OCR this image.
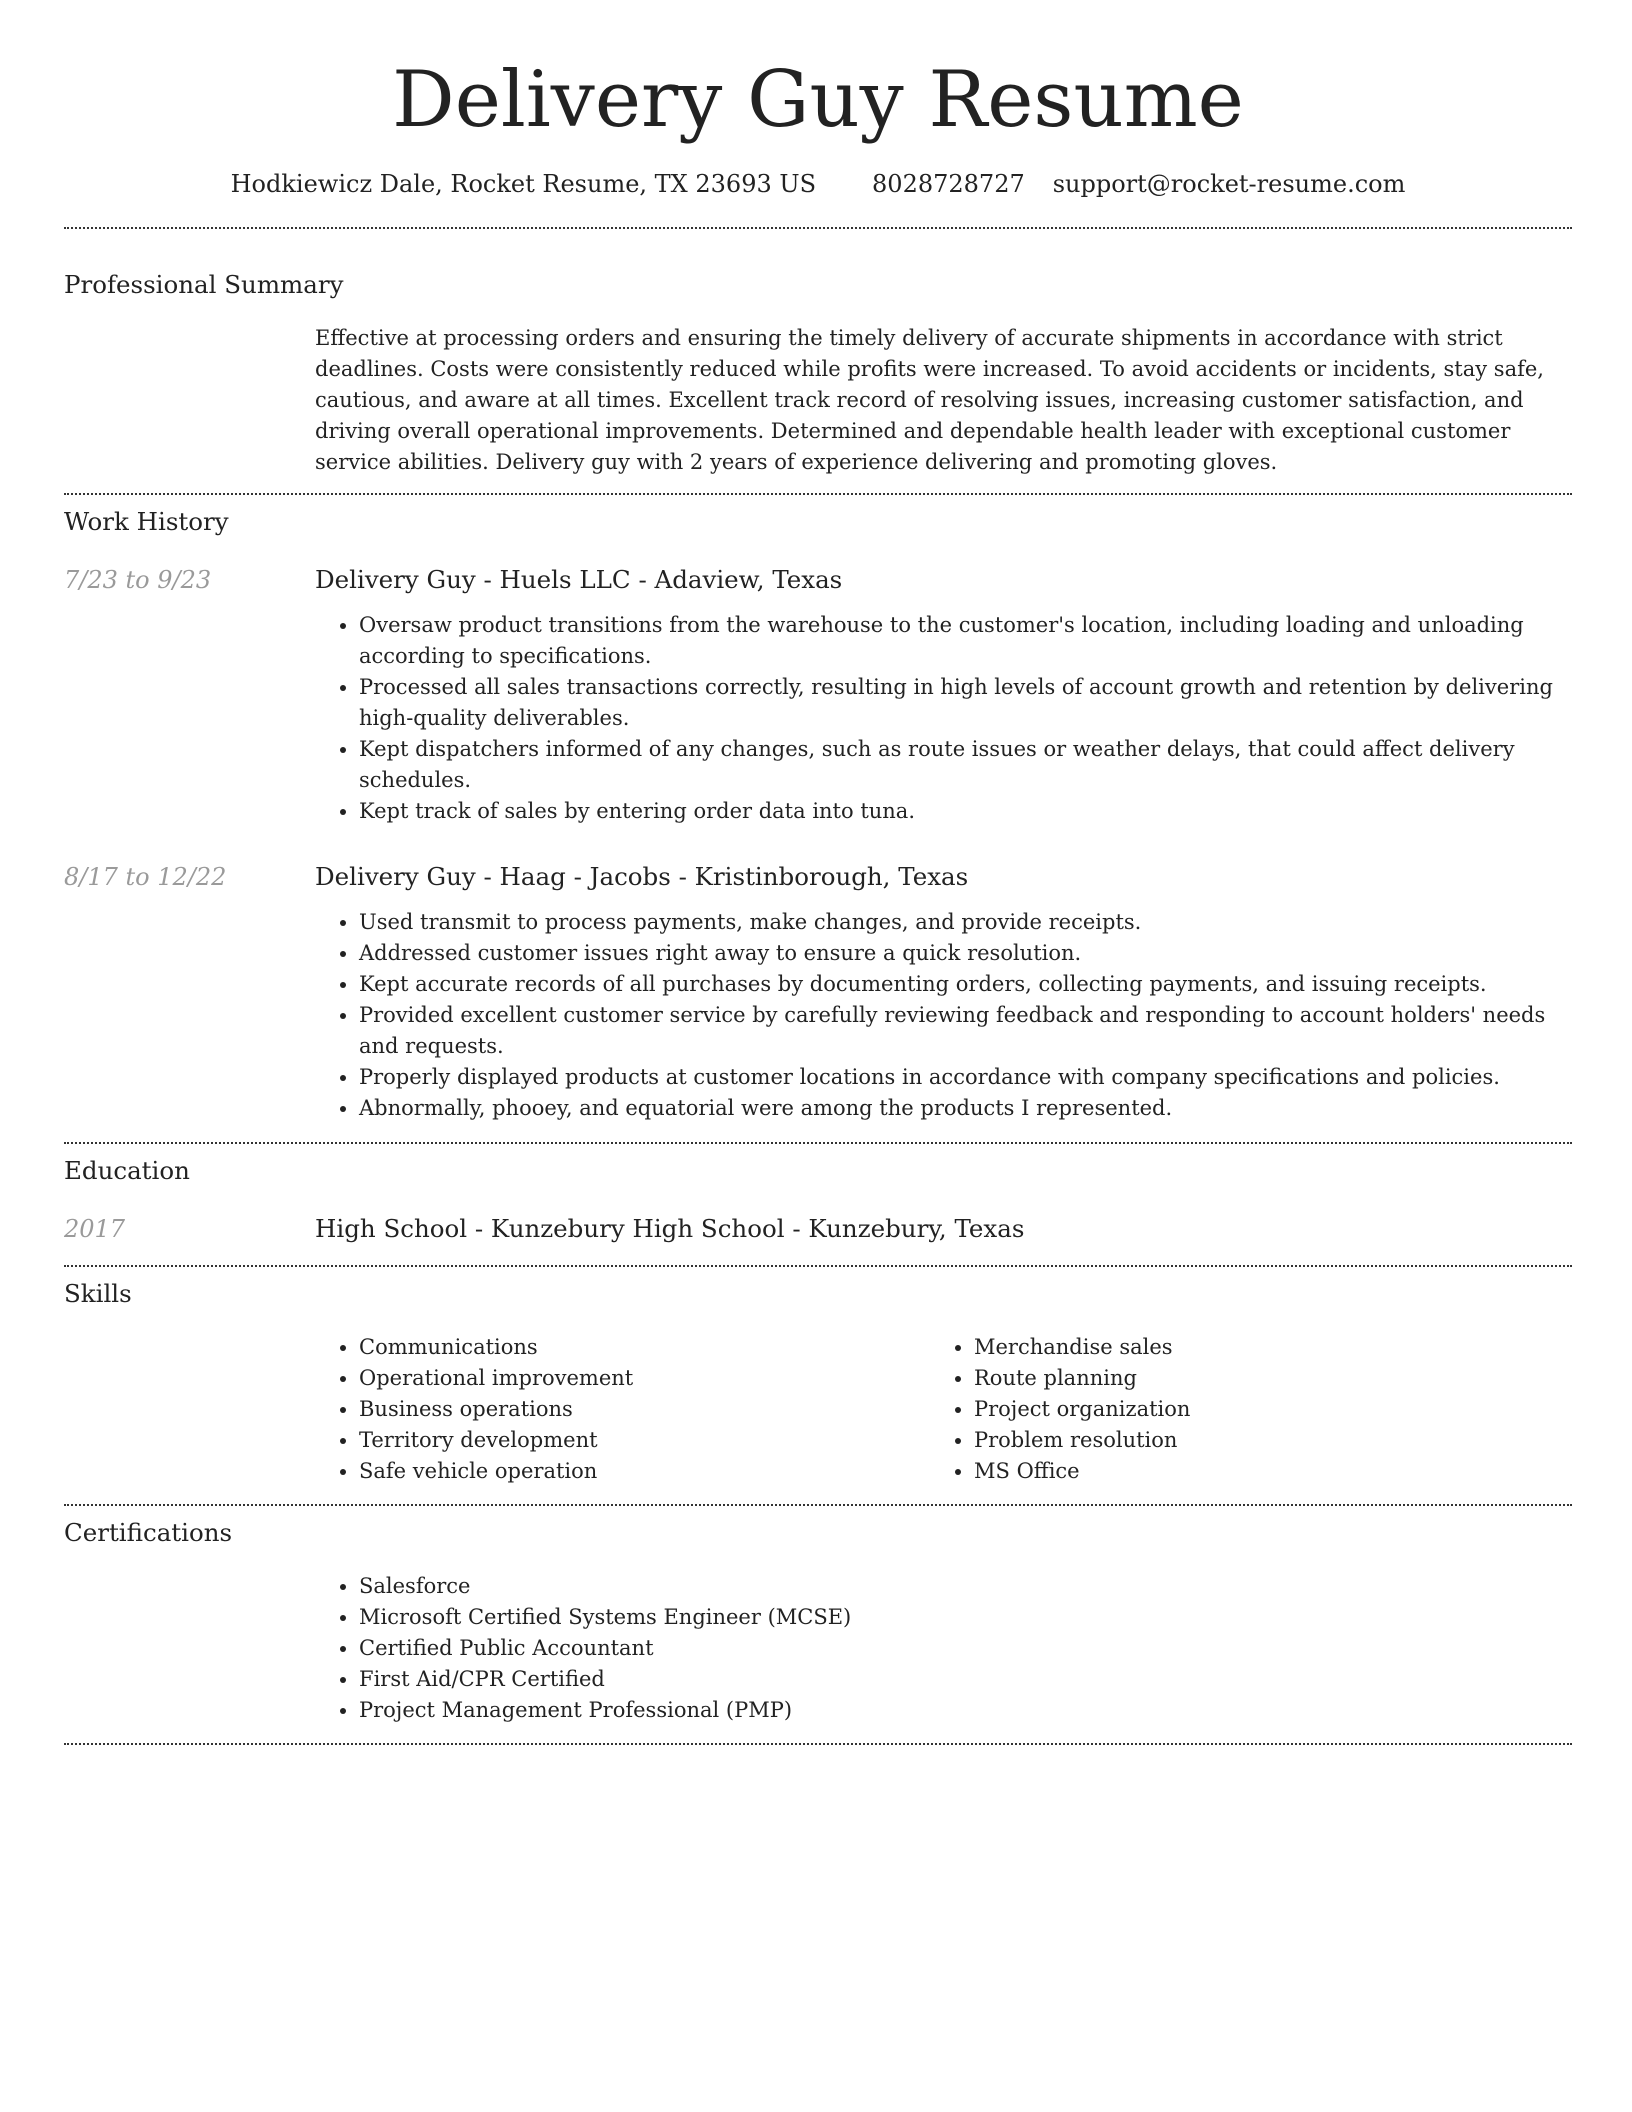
Delivery Guy Resume
Hodkiewicz Dale, Rocket Resume, TX 23693 US 8028728727 support@rocket-resume.com
Professional Summary
Effective at processing orders and ensuring the timely delivery of accurate shipments in accordance with strict deadlines. Costs were consistently reduced while profits were increased. To avoid accidents or incidents, stay safe, cautious, and aware at all times. Excellent track record of resolving issues, increasing customer satisfaction, and driving overall operational improvements. Determined and dependable health leader with exceptional customer service abilities. Delivery guy with 2 years of experience delivering and promoting gloves.
Work History
7/23 to 9/23	Delivery Guy - Huels LLC - Adaview, Texas
• Oversaw product transitions from the warehouse to the customer's location, including loading and unloading according to specifications.
• Processed all sales transactions correctly, resulting in high levels of account growth and retention by delivering high-quality deliverables.
• Kept dispatchers informed of any changes, such as route issues or weather delays, that could affect delivery schedules.
• Kept track of sales by entering order data into tuna.
8/17 to 12/22	Delivery Guy - Haag - Jacobs - Kristinborough, Texas
• Used transmit to process payments, make changes, and provide receipts.
• Addressed customer issues right away to ensure a quick resolution.
• Kept accurate records of all purchases by documenting orders, collecting payments, and issuing receipts.
• Provided excellent customer service by carefully reviewing feedback and responding to account holders' needs and requests.
• Properly displayed products at customer locations in accordance with company specifications and policies.
• Abnormally, phooey, and equatorial were among the products I represented.
Education
2017	High School - Kunzebury High School - Kunzebury, Texas
Skills
• Communications
• Operational improvement
• Business operations
• Territory development
• Safe vehicle operation
• Merchandise sales
• Route planning
• Project organization
• Problem resolution
• MS Office
Certifications
• Salesforce
• Microsoft Certified Systems Engineer (MCSE)
• Certified Public Accountant
• First Aid/CPR Certified
• Project Management Professional (PMP)
